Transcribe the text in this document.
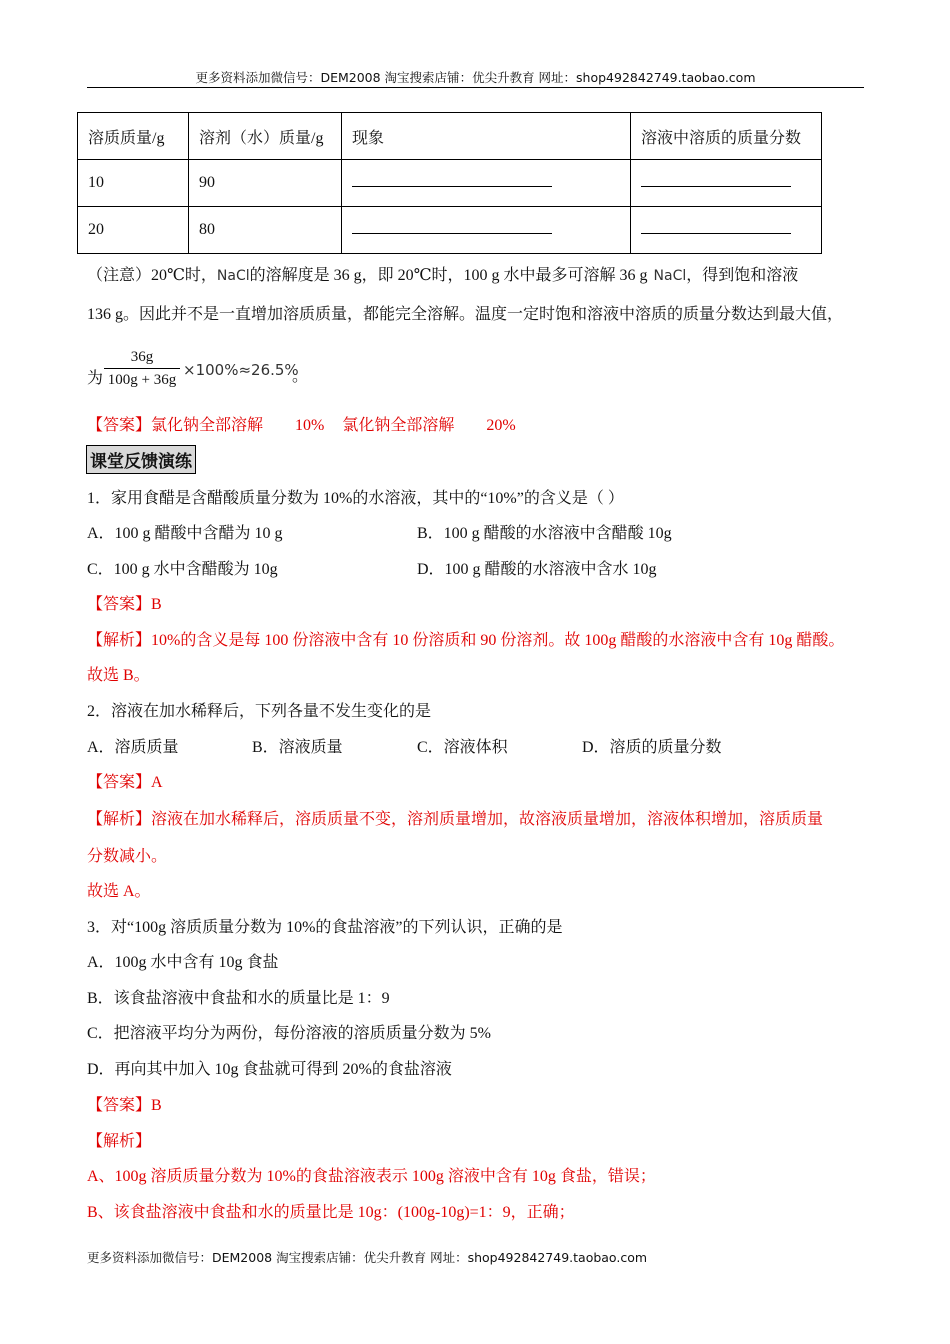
更多资料添加微信号：DEM2008 淘宝搜索店铺：优尖升教育 网址：shop492842749.taobao.com
溶质质量/g	溶剂（水）质量/g	现象	溶液中溶质的质量分数
10	90		
20	80		
（注意）20℃时，NaCl的溶解度是 36 g，即 20℃时，100 g 水中最多可溶解 36 g NaCl，得到饱和溶液
136 g。因此并不是一直增加溶质质量，都能完全溶解。温度一定时饱和溶液中溶质的质量分数达到最大值，
为 $\frac{36g}{100g + 36g} \times 100\%\approx 26.5\%$
。
【答案】氯化钠全部溶解 10% 氯化钠全部溶解 20%
课堂反馈演练
1．家用食醋是含醋酸质量分数为 10%的水溶液，其中的“10%”的含义是（ ）
A．100 g 醋酸中含醋为 10 g	B．100 g 醋酸的水溶液中含醋酸 10g
C．100 g 水中含醋酸为 10g	D．100 g 醋酸的水溶液中含水 10g
【答案】B
【解析】10%的含义是每 100 份溶液中含有 10 份溶质和 90 份溶剂。故 100g 醋酸的水溶液中含有 10g 醋酸。
故选 B。
2．溶液在加水稀释后，下列各量不发生变化的是
A．溶质质量	B．溶液质量	C．溶液体积	D．溶质的质量分数
【答案】A
【解析】溶液在加水稀释后，溶质质量不变，溶剂质量增加，故溶液质量增加，溶液体积增加，溶质质量
分数减小。
故选 A。
3．对“100g 溶质质量分数为 10%的食盐溶液”的下列认识，正确的是
A．100g 水中含有 10g 食盐
B．该食盐溶液中食盐和水的质量比是 1：9
C．把溶液平均分为两份，每份溶液的溶质质量分数为 5%
D．再向其中加入 10g 食盐就可得到 20%的食盐溶液
【答案】B
【解析】
A、100g 溶质质量分数为 10%的食盐溶液表示 100g 溶液中含有 10g 食盐，错误；
B、该食盐溶液中食盐和水的质量比是 10g：(100g-10g)=1：9，正确；
更多资料添加微信号：DEM2008 淘宝搜索店铺：优尖升教育 网址：shop492842749.taobao.com
